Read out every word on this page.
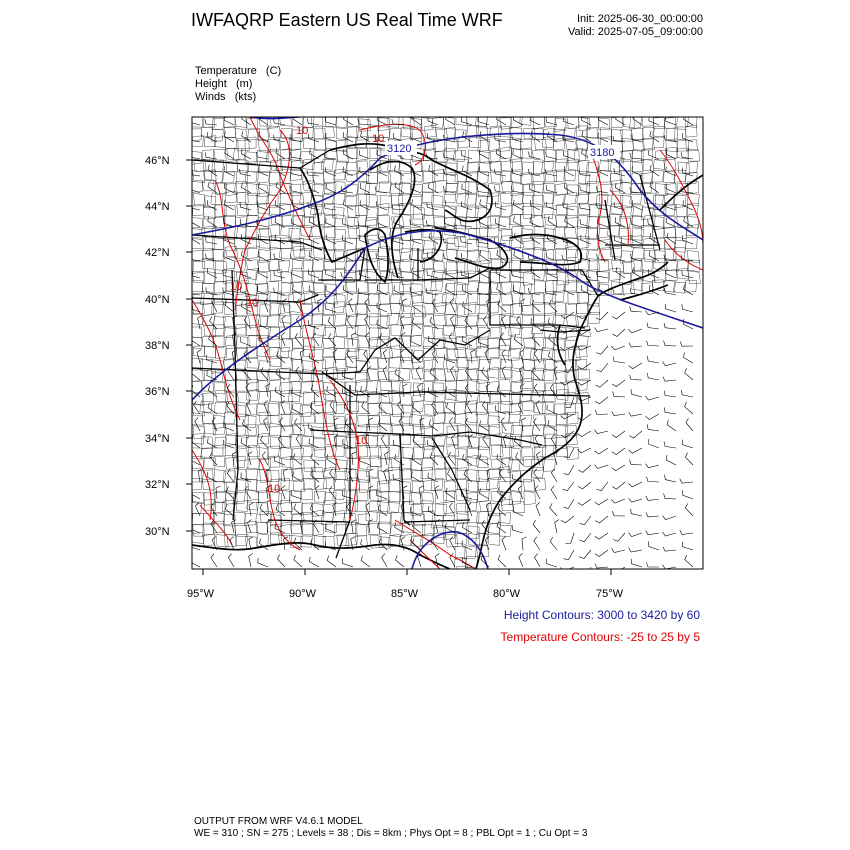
IWFAQRP Eastern US Real Time WRF	Init: 2025-06-30_00:00:00
Valid: 2025-07-05_09:00:00
Temperature   (C)
Height   (m)
Winds   (kts)
3120	3180
10
10
10
10
10
10
46°N
44°N
42°N
40°N
38°N
36°N
34°N
32°N
30°N
95°W	90°W	85°W	80°W	75°W
Height Contours: 3000 to 3420 by 60
Temperature Contours: -25 to 25 by 5
OUTPUT FROM WRF V4.6.1 MODEL
WE = 310 ; SN = 275 ; Levels = 38 ; Dis = 8km ; Phys Opt = 8 ; PBL Opt = 1 ; Cu Opt = 3
